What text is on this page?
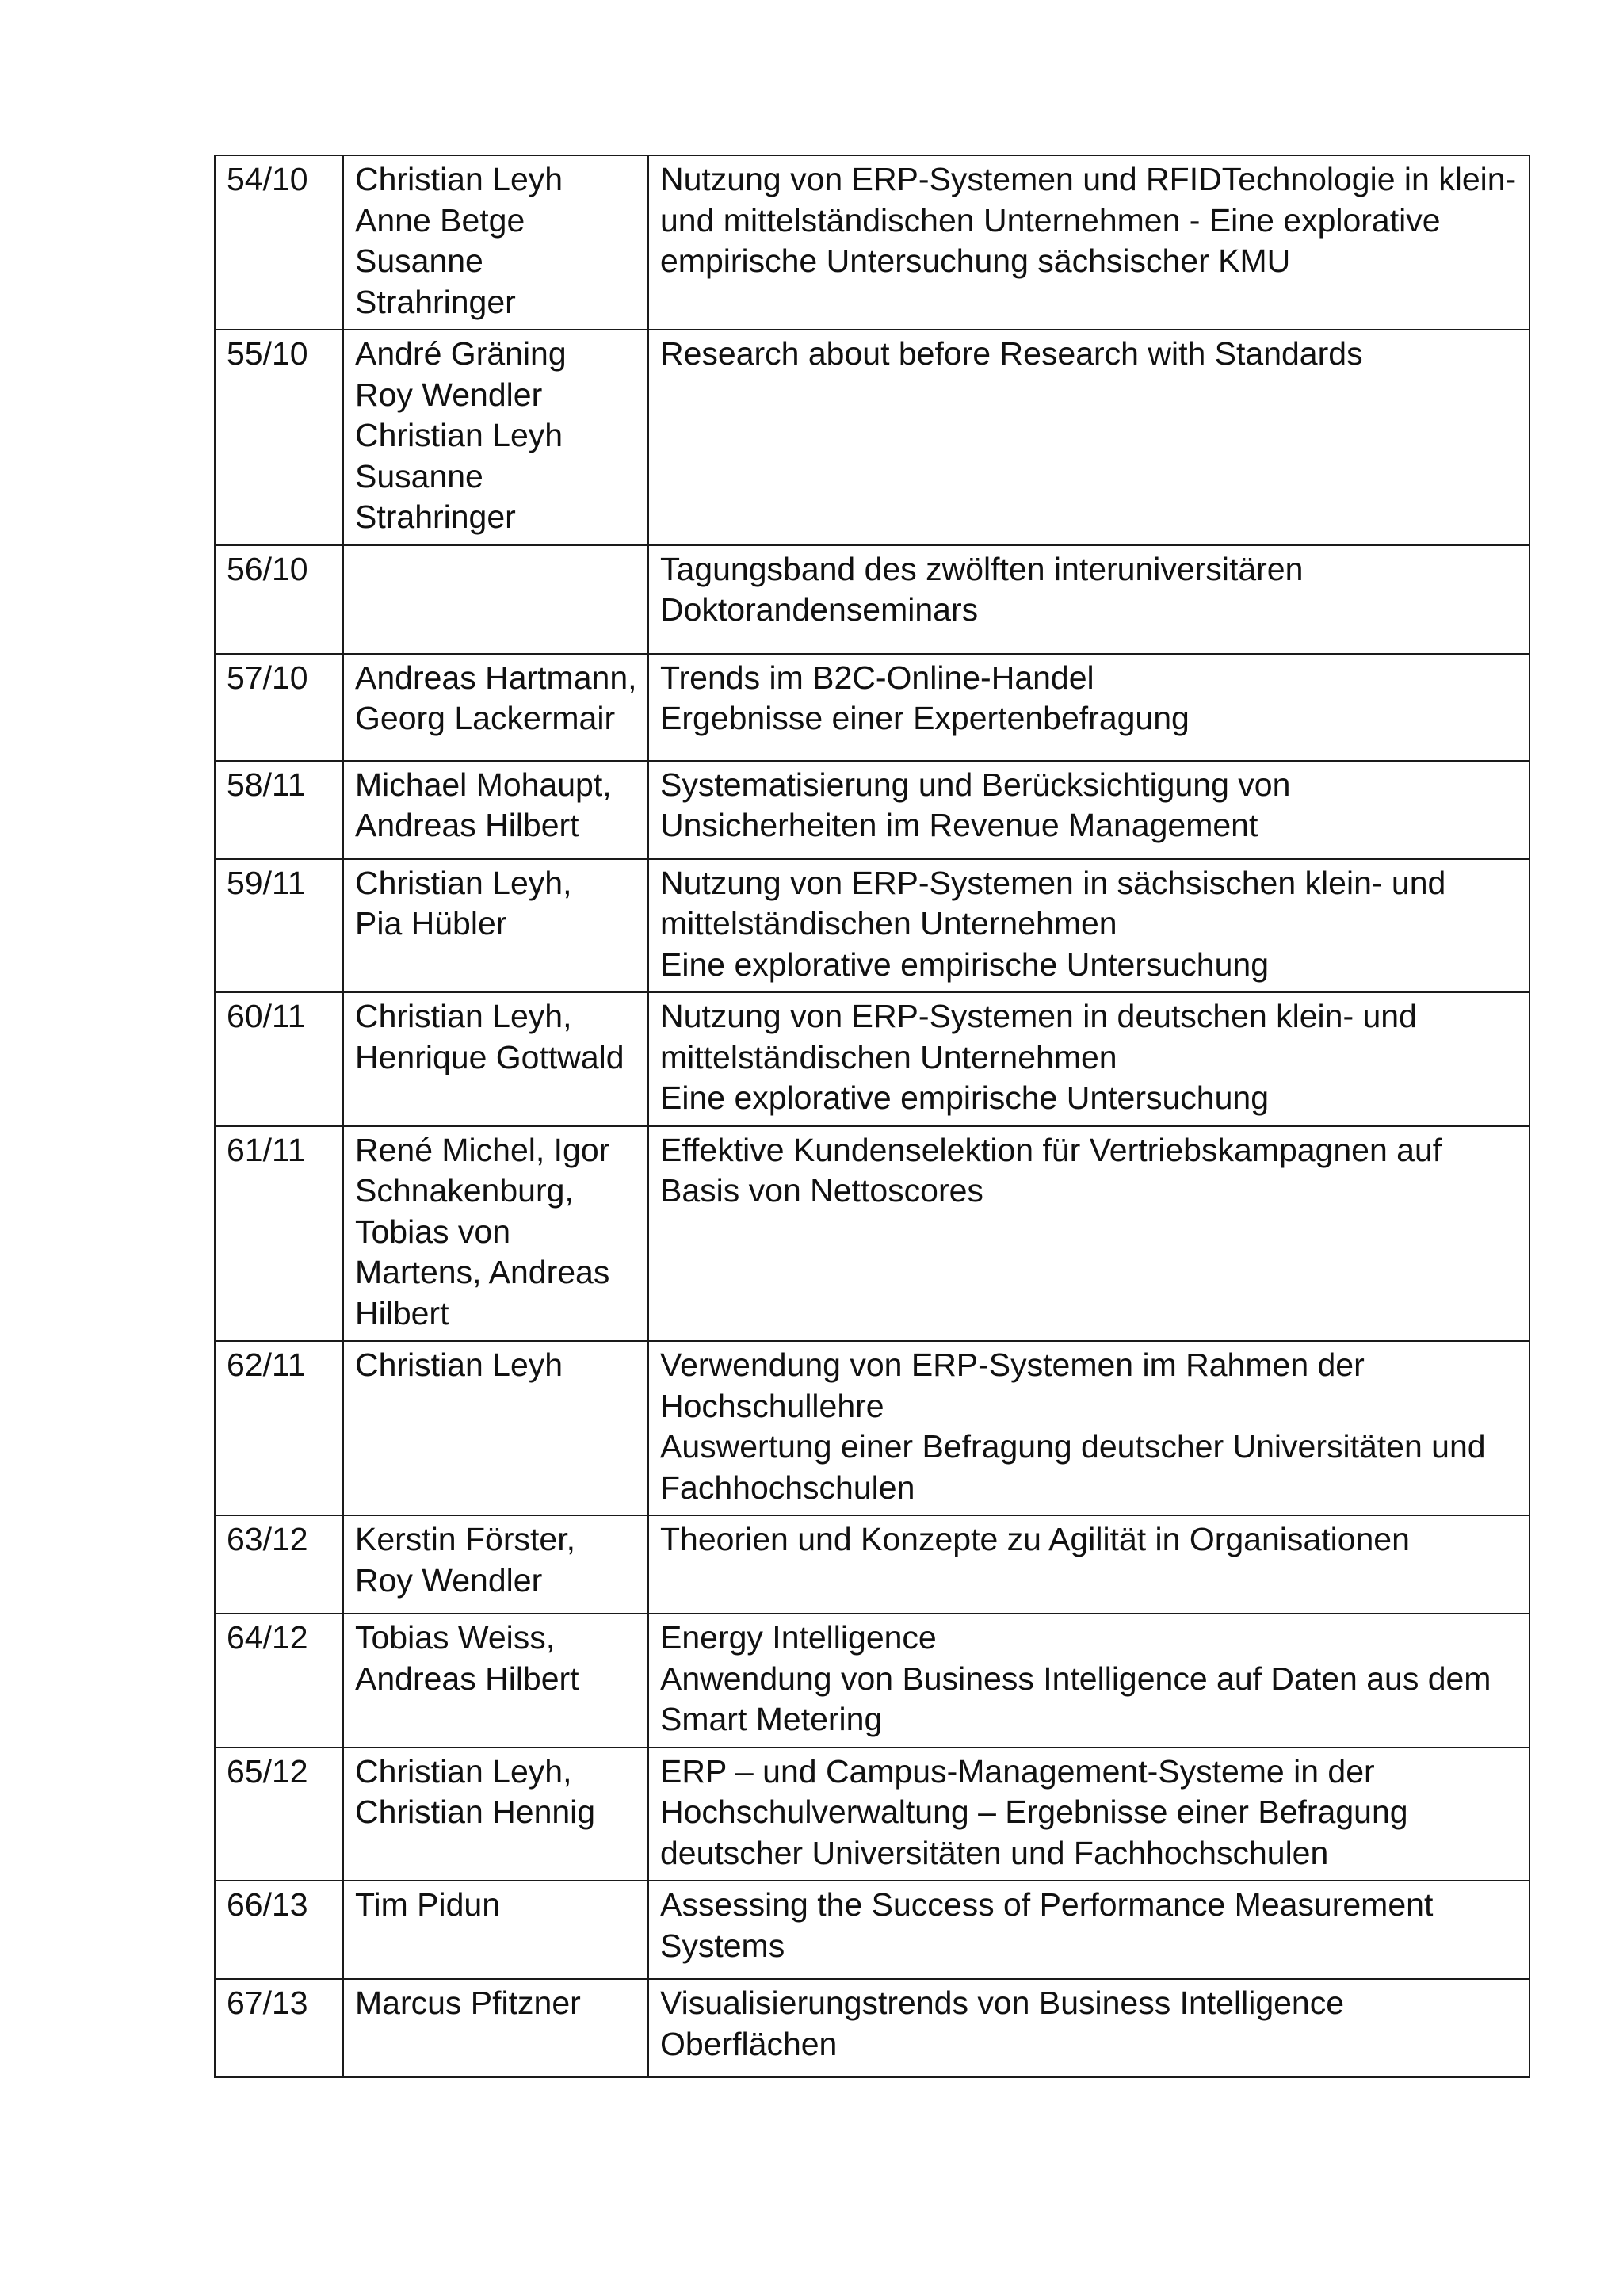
54/10	Christian Leyh
Anne Betge
Susanne
Strahringer	Nutzung von ERP-Systemen und RFIDTechnologie in klein-
und mittelständischen Unternehmen - Eine explorative
empirische Untersuchung sächsischer KMU

55/10	André Gräning
Roy Wendler
Christian Leyh
Susanne
Strahringer	Research about before Research with Standards

56/10		Tagungsband des zwölften interuniversitären
Doktorandenseminars

57/10	Andreas Hartmann,
Georg Lackermair	Trends im B2C-Online-Handel
Ergebnisse einer Expertenbefragung

58/11	Michael Mohaupt,
Andreas Hilbert	Systematisierung und Berücksichtigung von
Unsicherheiten im Revenue Management

59/11	Christian Leyh,
Pia Hübler	Nutzung von ERP-Systemen in sächsischen klein- und
mittelständischen Unternehmen
Eine explorative empirische Untersuchung

60/11	Christian Leyh,
Henrique Gottwald	Nutzung von ERP-Systemen in deutschen klein- und
mittelständischen Unternehmen
Eine explorative empirische Untersuchung

61/11	René Michel, Igor
Schnakenburg,
Tobias von
Martens, Andreas
Hilbert	Effektive Kundenselektion für Vertriebskampagnen auf
Basis von Nettoscores

62/11	Christian Leyh	Verwendung von ERP-Systemen im Rahmen der
Hochschullehre
Auswertung einer Befragung deutscher Universitäten und
Fachhochschulen

63/12	Kerstin Förster,
Roy Wendler	Theorien und Konzepte zu Agilität in Organisationen

64/12	Tobias Weiss,
Andreas Hilbert	Energy Intelligence
Anwendung von Business Intelligence auf Daten aus dem
Smart Metering

65/12	Christian Leyh,
Christian Hennig	ERP – und Campus-Management-Systeme in der
Hochschulverwaltung – Ergebnisse einer Befragung
deutscher Universitäten und Fachhochschulen

66/13	Tim Pidun	Assessing the Success of Performance Measurement
Systems

67/13	Marcus Pfitzner	Visualisierungstrends von Business Intelligence
Oberflächen
